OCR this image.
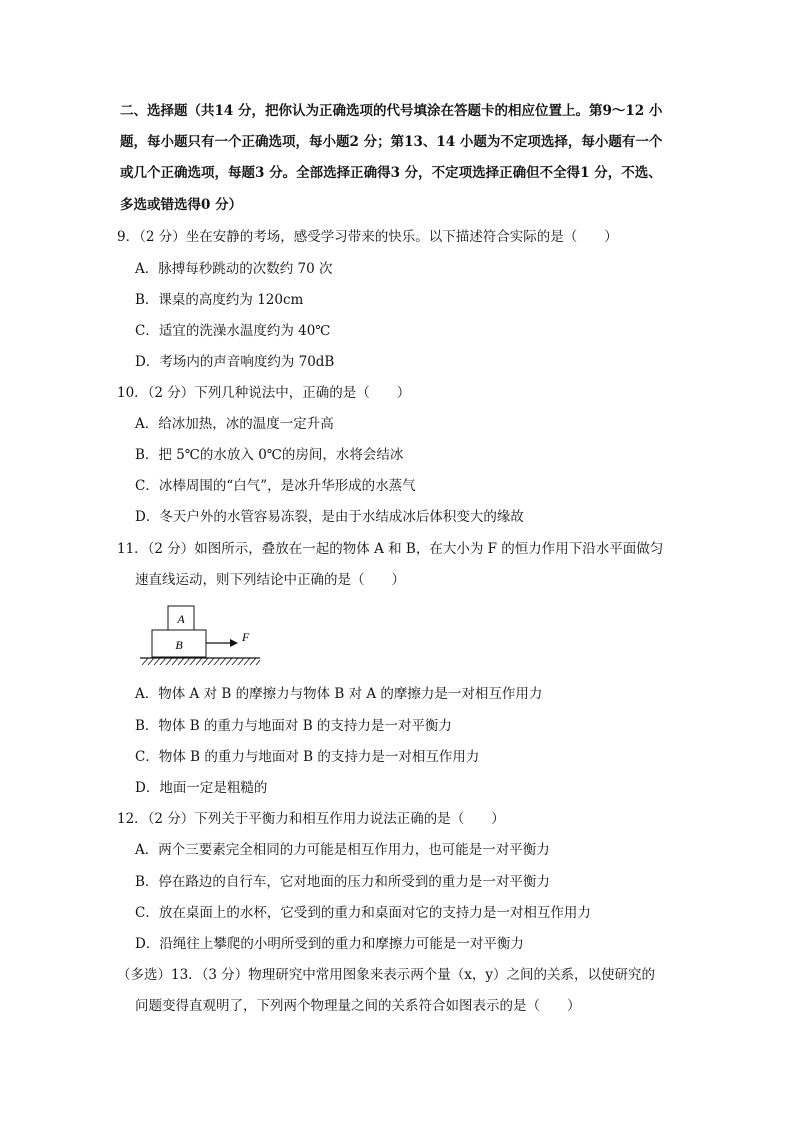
二、选择题（共14 分，把你认为正确选项的代号填涂在答题卡的相应位置上。第9～12 小
题，每小题只有一个正确选项，每小题2 分；第13、14 小题为不定项选择，每小题有一个
或几个正确选项，每题3 分。全部选择正确得3 分，不定项选择正确但不全得1 分，不选、
多选或错选得0 分）
9．（2 分）坐在安静的考场，感受学习带来的快乐。以下描述符合实际的是（　　）
A．脉搏每秒跳动的次数约 70 次
B．课桌的高度约为 120cm
C．适宜的洗澡水温度约为 40℃
D．考场内的声音响度约为 70dB
10．（2 分）下列几种说法中，正确的是（　　）
A．给冰加热，冰的温度一定升高
B．把 5℃的水放入 0℃的房间，水将会结冰
C．冰棒周围的“白气”，是冰升华形成的水蒸气
D．冬天户外的水管容易冻裂，是由于水结成冰后体积变大的缘故
11．（2 分）如图所示，叠放在一起的物体 A 和 B，在大小为 F 的恒力作用下沿水平面做匀
速直线运动，则下列结论中正确的是（　　）
A
B
F
A．物体 A 对 B 的摩擦力与物体 B 对 A 的摩擦力是一对相互作用力
B．物体 B 的重力与地面对 B 的支持力是一对平衡力
C．物体 B 的重力与地面对 B 的支持力是一对相互作用力
D．地面一定是粗糙的
12．（2 分）下列关于平衡力和相互作用力说法正确的是（　　）
A．两个三要素完全相同的力可能是相互作用力，也可能是一对平衡力
B．停在路边的自行车，它对地面的压力和所受到的重力是一对平衡力
C．放在桌面上的水杯，它受到的重力和桌面对它的支持力是一对相互作用力
D．沿绳往上攀爬的小明所受到的重力和摩擦力可能是一对平衡力
（多选）13．（3 分）物理研究中常用图象来表示两个量（x，y）之间的关系，以使研究的
问题变得直观明了，下列两个物理量之间的关系符合如图表示的是（　　）
